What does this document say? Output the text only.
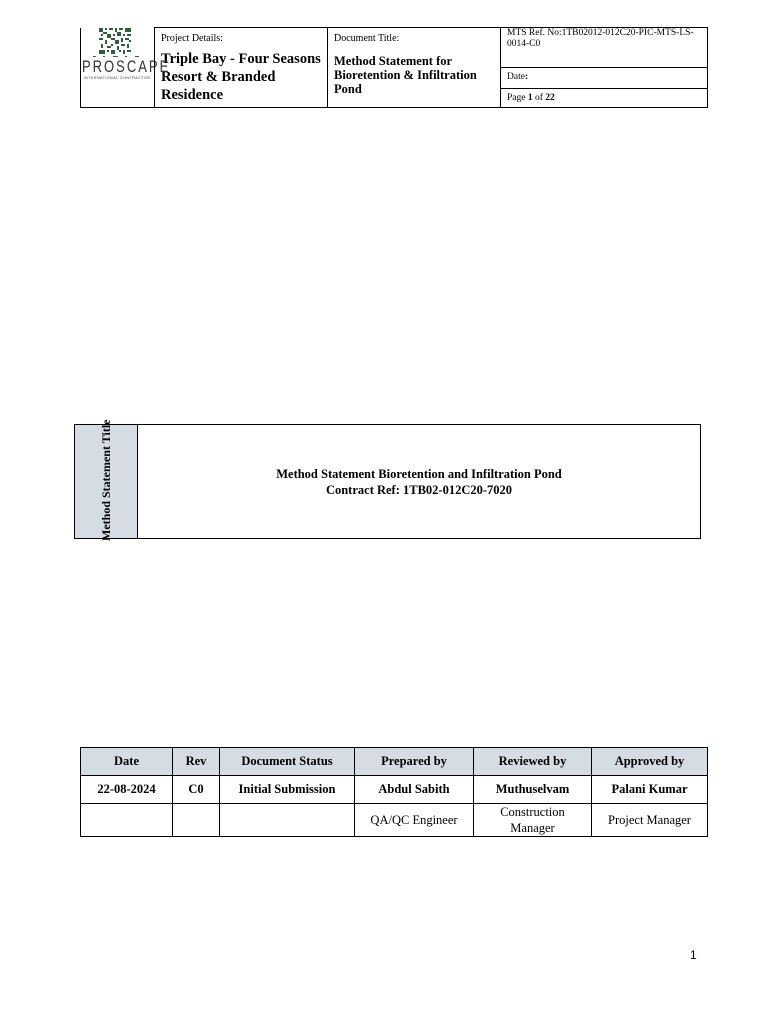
PROSCAPE
INTERNATIONAL CONTRACTOR

Project Details:
Triple Bay - Four Seasons Resort & Branded Residence

Document Title:
Method Statement for Bioretention & Infiltration Pond

MTS Ref. No:1TB02012-012C20-PIC-MTS-LS-0014-C0
Date:
Page 1 of 22
Method Statement Title	Method Statement Bioretention and Infiltration Pond
Contract Ref: 1TB02-012C20-7020
Date	Rev	Document Status	Prepared by	Reviewed by	Approved by
22-08-2024	C0	Initial Submission	Abdul Sabith	Muthuselvam	Palani Kumar
			QA/QC Engineer	Construction Manager	Project Manager
1
